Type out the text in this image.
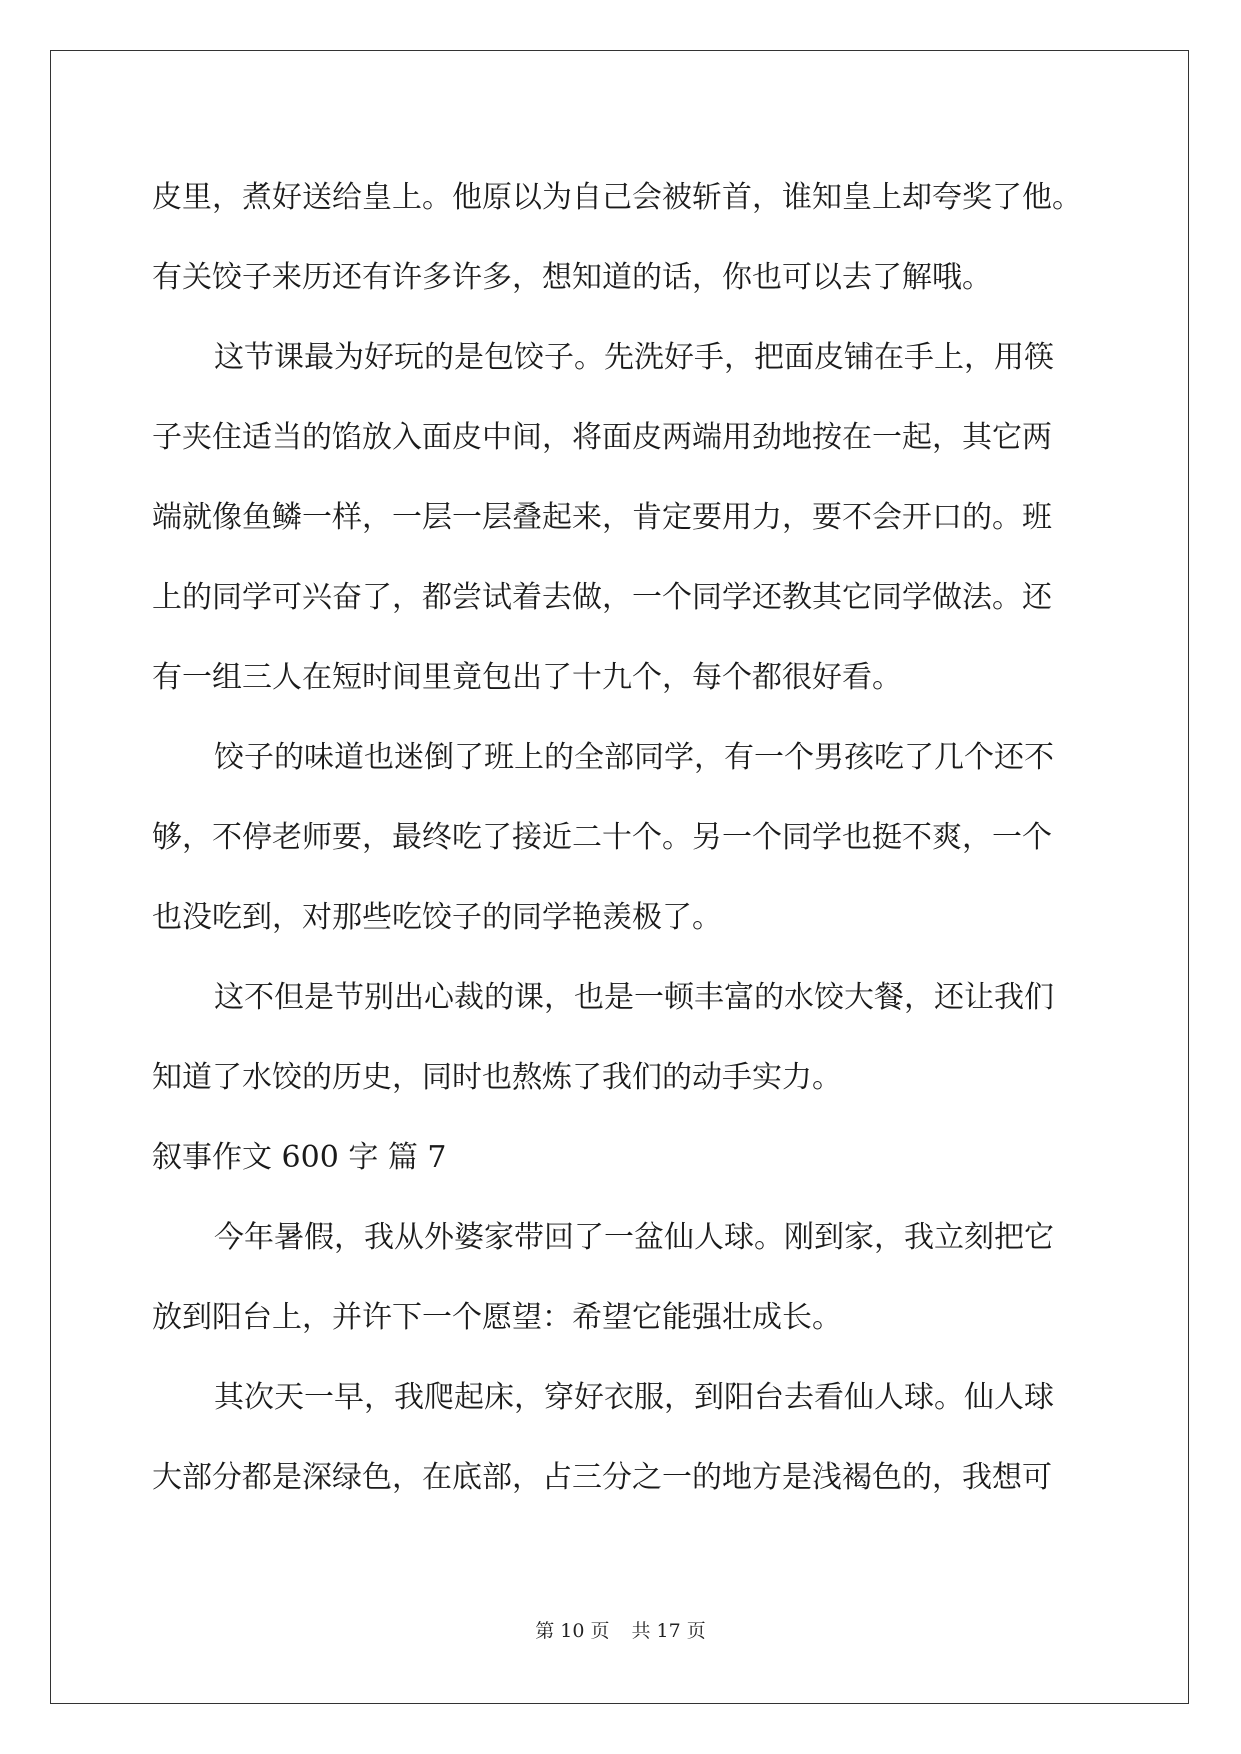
皮里，煮好送给皇上。他原以为自己会被斩首，谁知皇上却夸奖了他。

有关饺子来历还有许多许多，想知道的话，你也可以去了解哦。

这节课最为好玩的是包饺子。先洗好手，把面皮铺在手上，用筷

子夹住适当的馅放入面皮中间，将面皮两端用劲地按在一起，其它两

端就像鱼鳞一样，一层一层叠起来，肯定要用力，要不会开口的。班

上的同学可兴奋了，都尝试着去做，一个同学还教其它同学做法。还

有一组三人在短时间里竟包出了十九个，每个都很好看。

饺子的味道也迷倒了班上的全部同学，有一个男孩吃了几个还不

够，不停老师要，最终吃了接近二十个。另一个同学也挺不爽，一个

也没吃到，对那些吃饺子的同学艳羡极了。

这不但是节别出心裁的课，也是一顿丰富的水饺大餐，还让我们

知道了水饺的历史，同时也熬炼了我们的动手实力。

叙事作文 600 字 篇 7

今年暑假，我从外婆家带回了一盆仙人球。刚到家，我立刻把它

放到阳台上，并许下一个愿望：希望它能强壮成长。

其次天一早，我爬起床，穿好衣服，到阳台去看仙人球。仙人球

大部分都是深绿色，在底部，占三分之一的地方是浅褐色的，我想可

第 10 页 共 17 页
